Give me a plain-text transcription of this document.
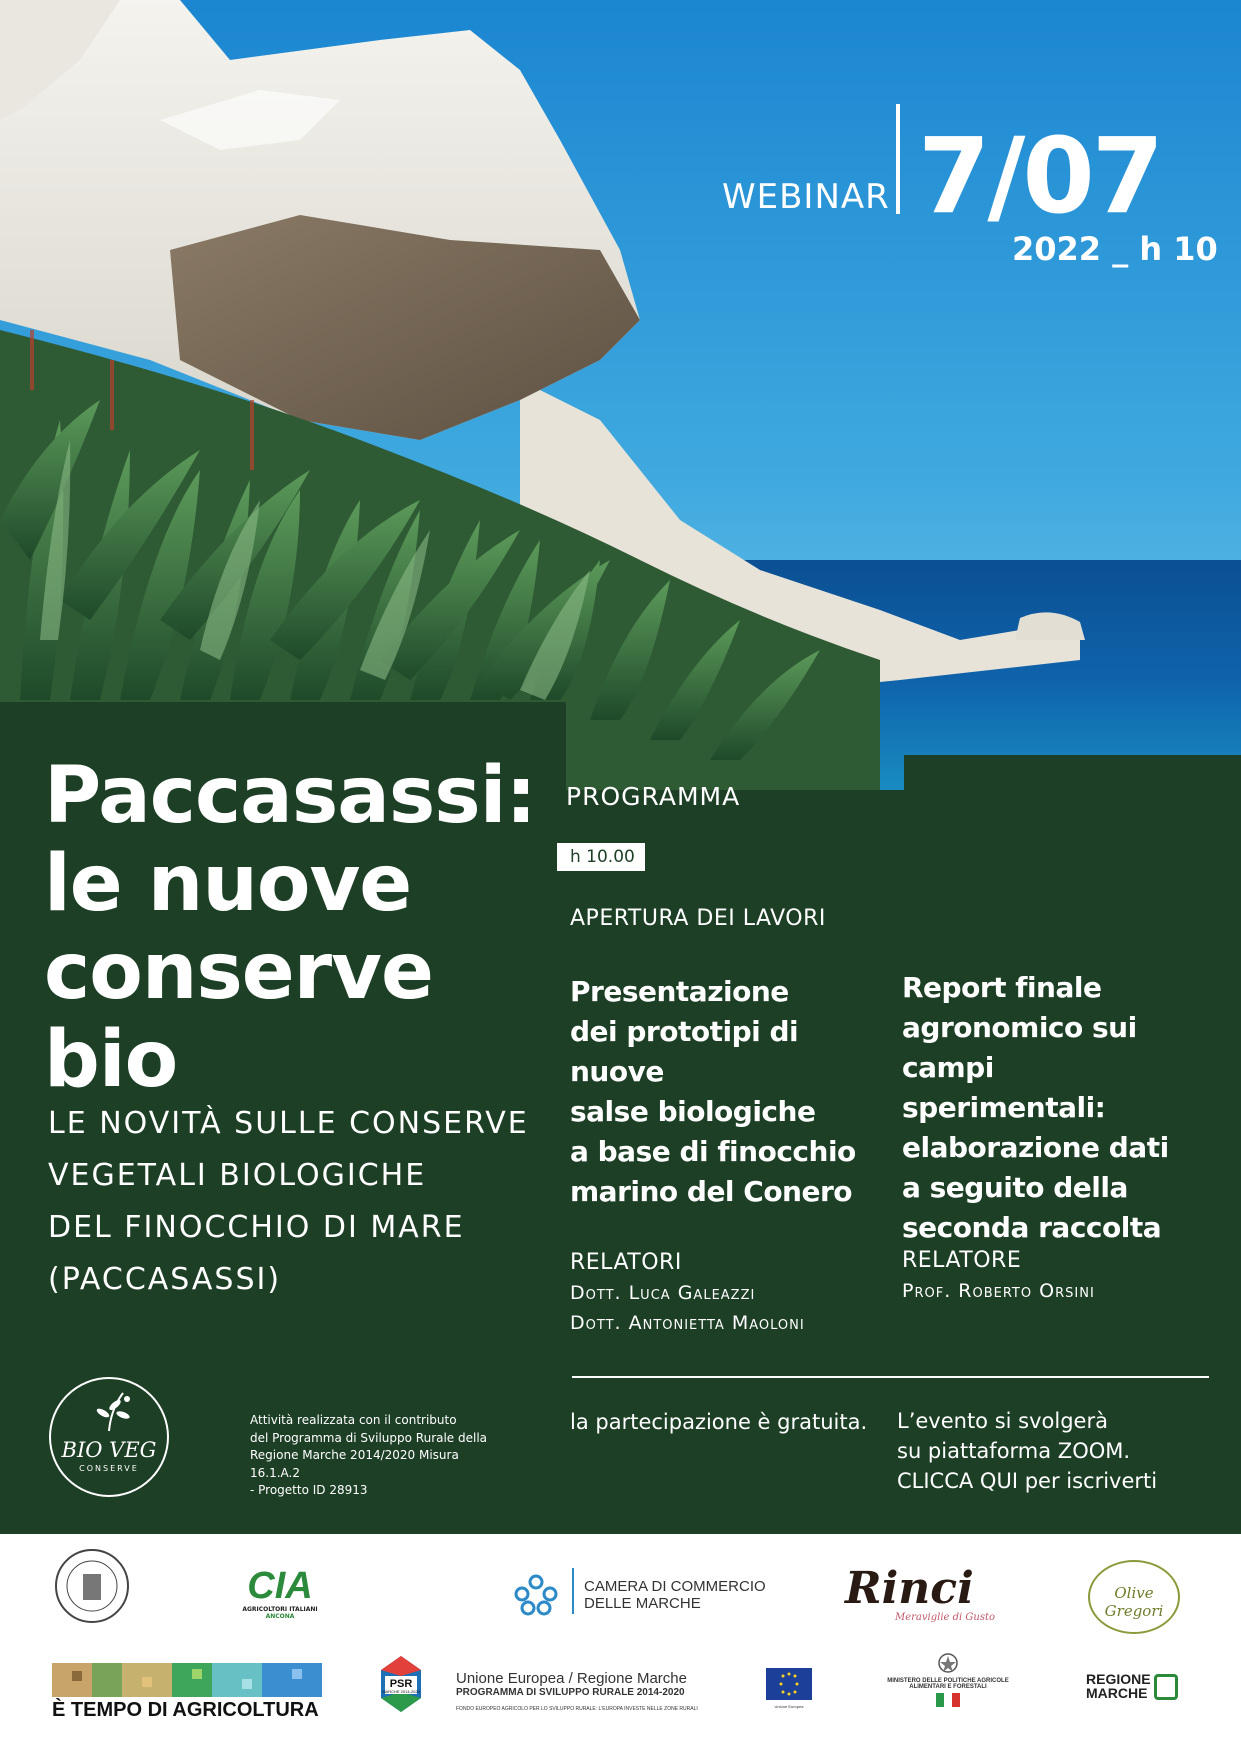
WEBINAR 7/07
2022 _ h 10
Paccasassi:
le nuove
conserve bio
LE NOVITÀ SULLE CONSERVE
VEGETALI BIOLOGICHE
DEL FINOCCHIO DI MARE
(PACCASASSI)
PROGRAMMA
h 10.00
APERTURA DEI LAVORI
Presentazione
dei prototipi di nuove
salse biologiche
a base di finocchio
marino del Conero
Report finale
agronomico sui campi
sperimentali:
elaborazione dati
a seguito della
seconda raccolta
RELATORI
Dott. Luca Galeazzi
Dott. Antonietta Maoloni
RELATORE
Prof. Roberto Orsini
la partecipazione è gratuita. L’evento si svolgerà
su piattaforma ZOOM.
CLICCA QUI per iscriverti
BIO VEG
CONSERVE
Attività realizzata con il contributo
del Programma di Sviluppo Rurale della
Regione Marche 2014/2020 Misura 16.1.A.2
- Progetto ID 28913
CIA
AGRICOLTORI ITALIANI
ANCONA
CAMERA DI COMMERCIO
DELLE MARCHE	Rinci
Meraviglie di Gusto
Olive Gregori
È TEMPO DI AGRICOLTURA
PSR
MARCHE 2014-2020
Unione Europea / Regione Marche
PROGRAMMA DI SVILUPPO RURALE 2014-2020
FONDO EUROPEO AGRICOLO PER LO SVILUPPO RURALE: L'EUROPA INVESTE NELLE ZONE RURALI	Unione Europea
MINISTERO DELLE POLITICHE AGRICOLE
ALIMENTARI E FORESTALI	REGIONE
MARCHE
